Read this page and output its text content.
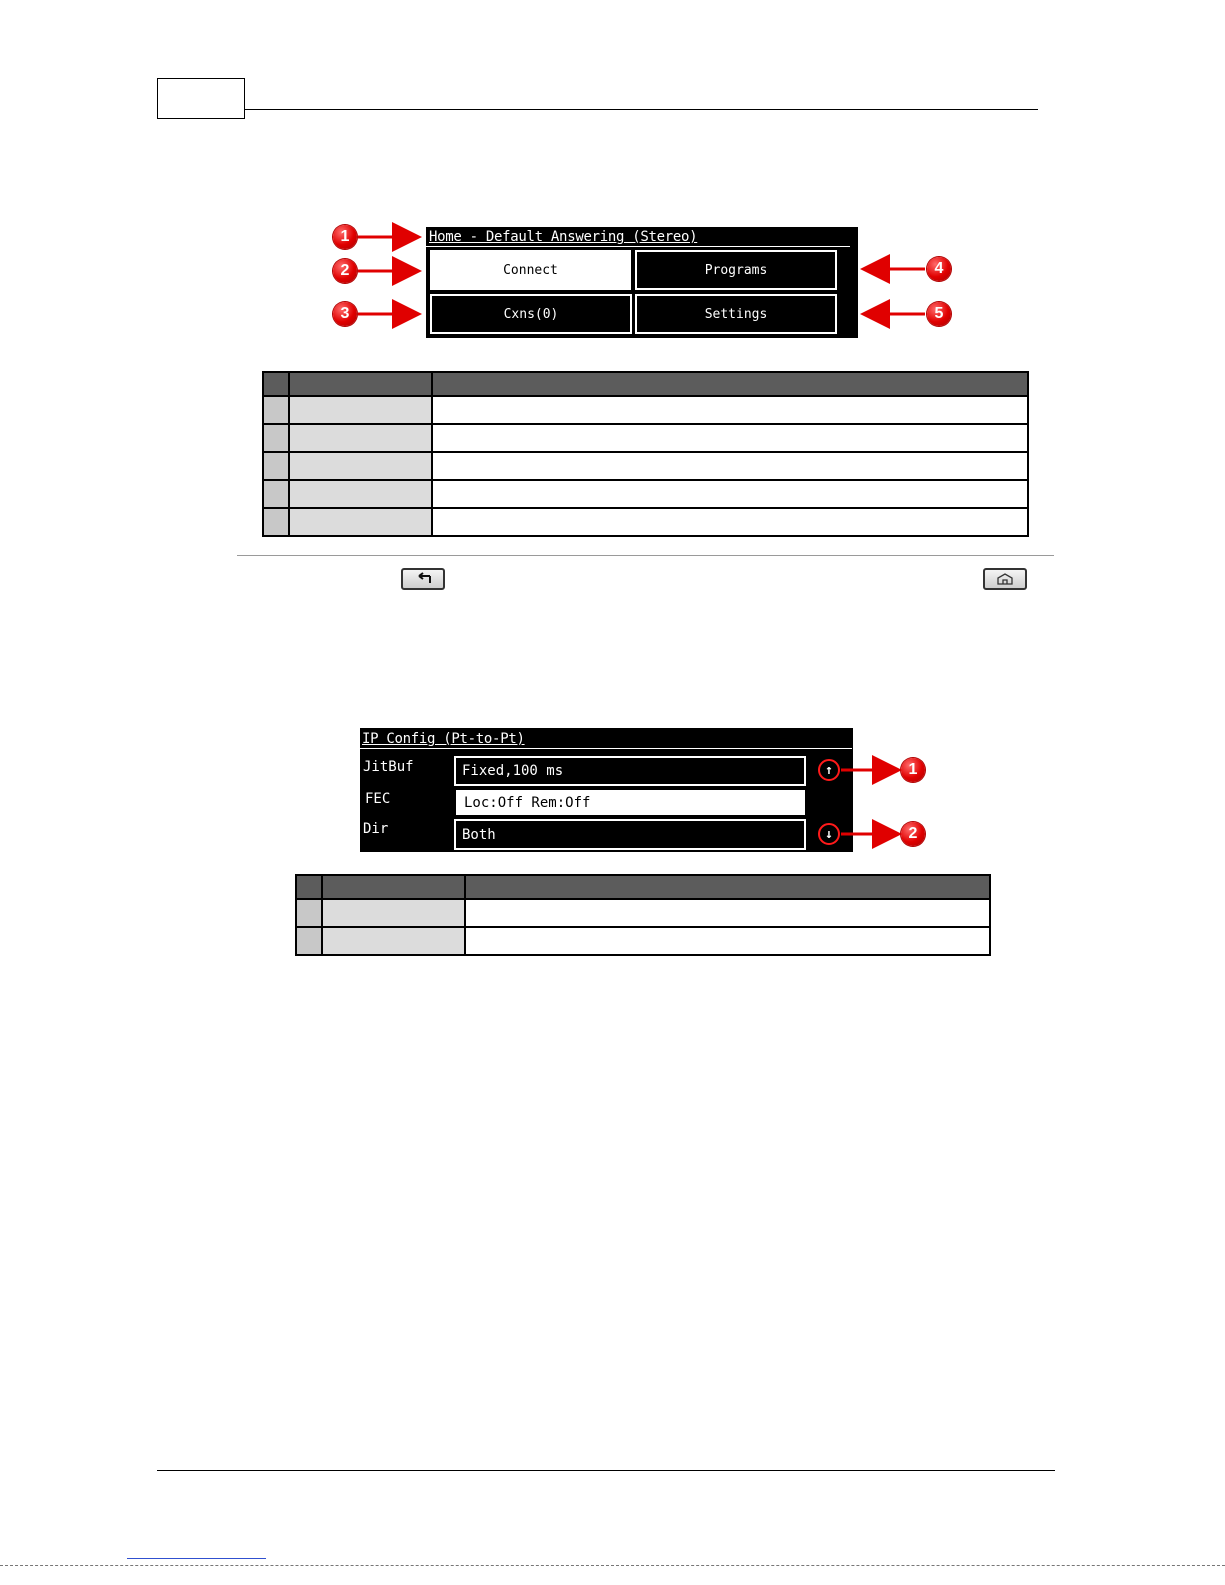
Home - Default Answering (Stereo)
Connect	Programs
Cxns(0)	Settings
1
2
3
4
5

IP Config (Pt-to-Pt)
JitBuf	Fixed,100 ms
FEC	Loc:Off Rem:Off
Dir	Both
↑
↓
1
2
